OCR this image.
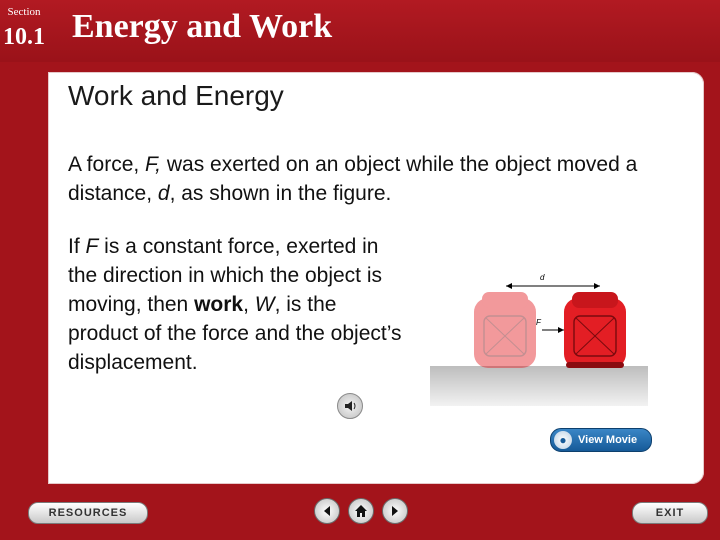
Section
10.1 Energy and Work
Work and Energy
A force, F, was exerted on an object while the object moved a distance, d, as shown in the figure.
If F is a constant force, exerted in the direction in which the object is moving, then work, W, is the product of the force and the object’s displacement.
d
F
●	View Movie
RESOURCES	EXIT
